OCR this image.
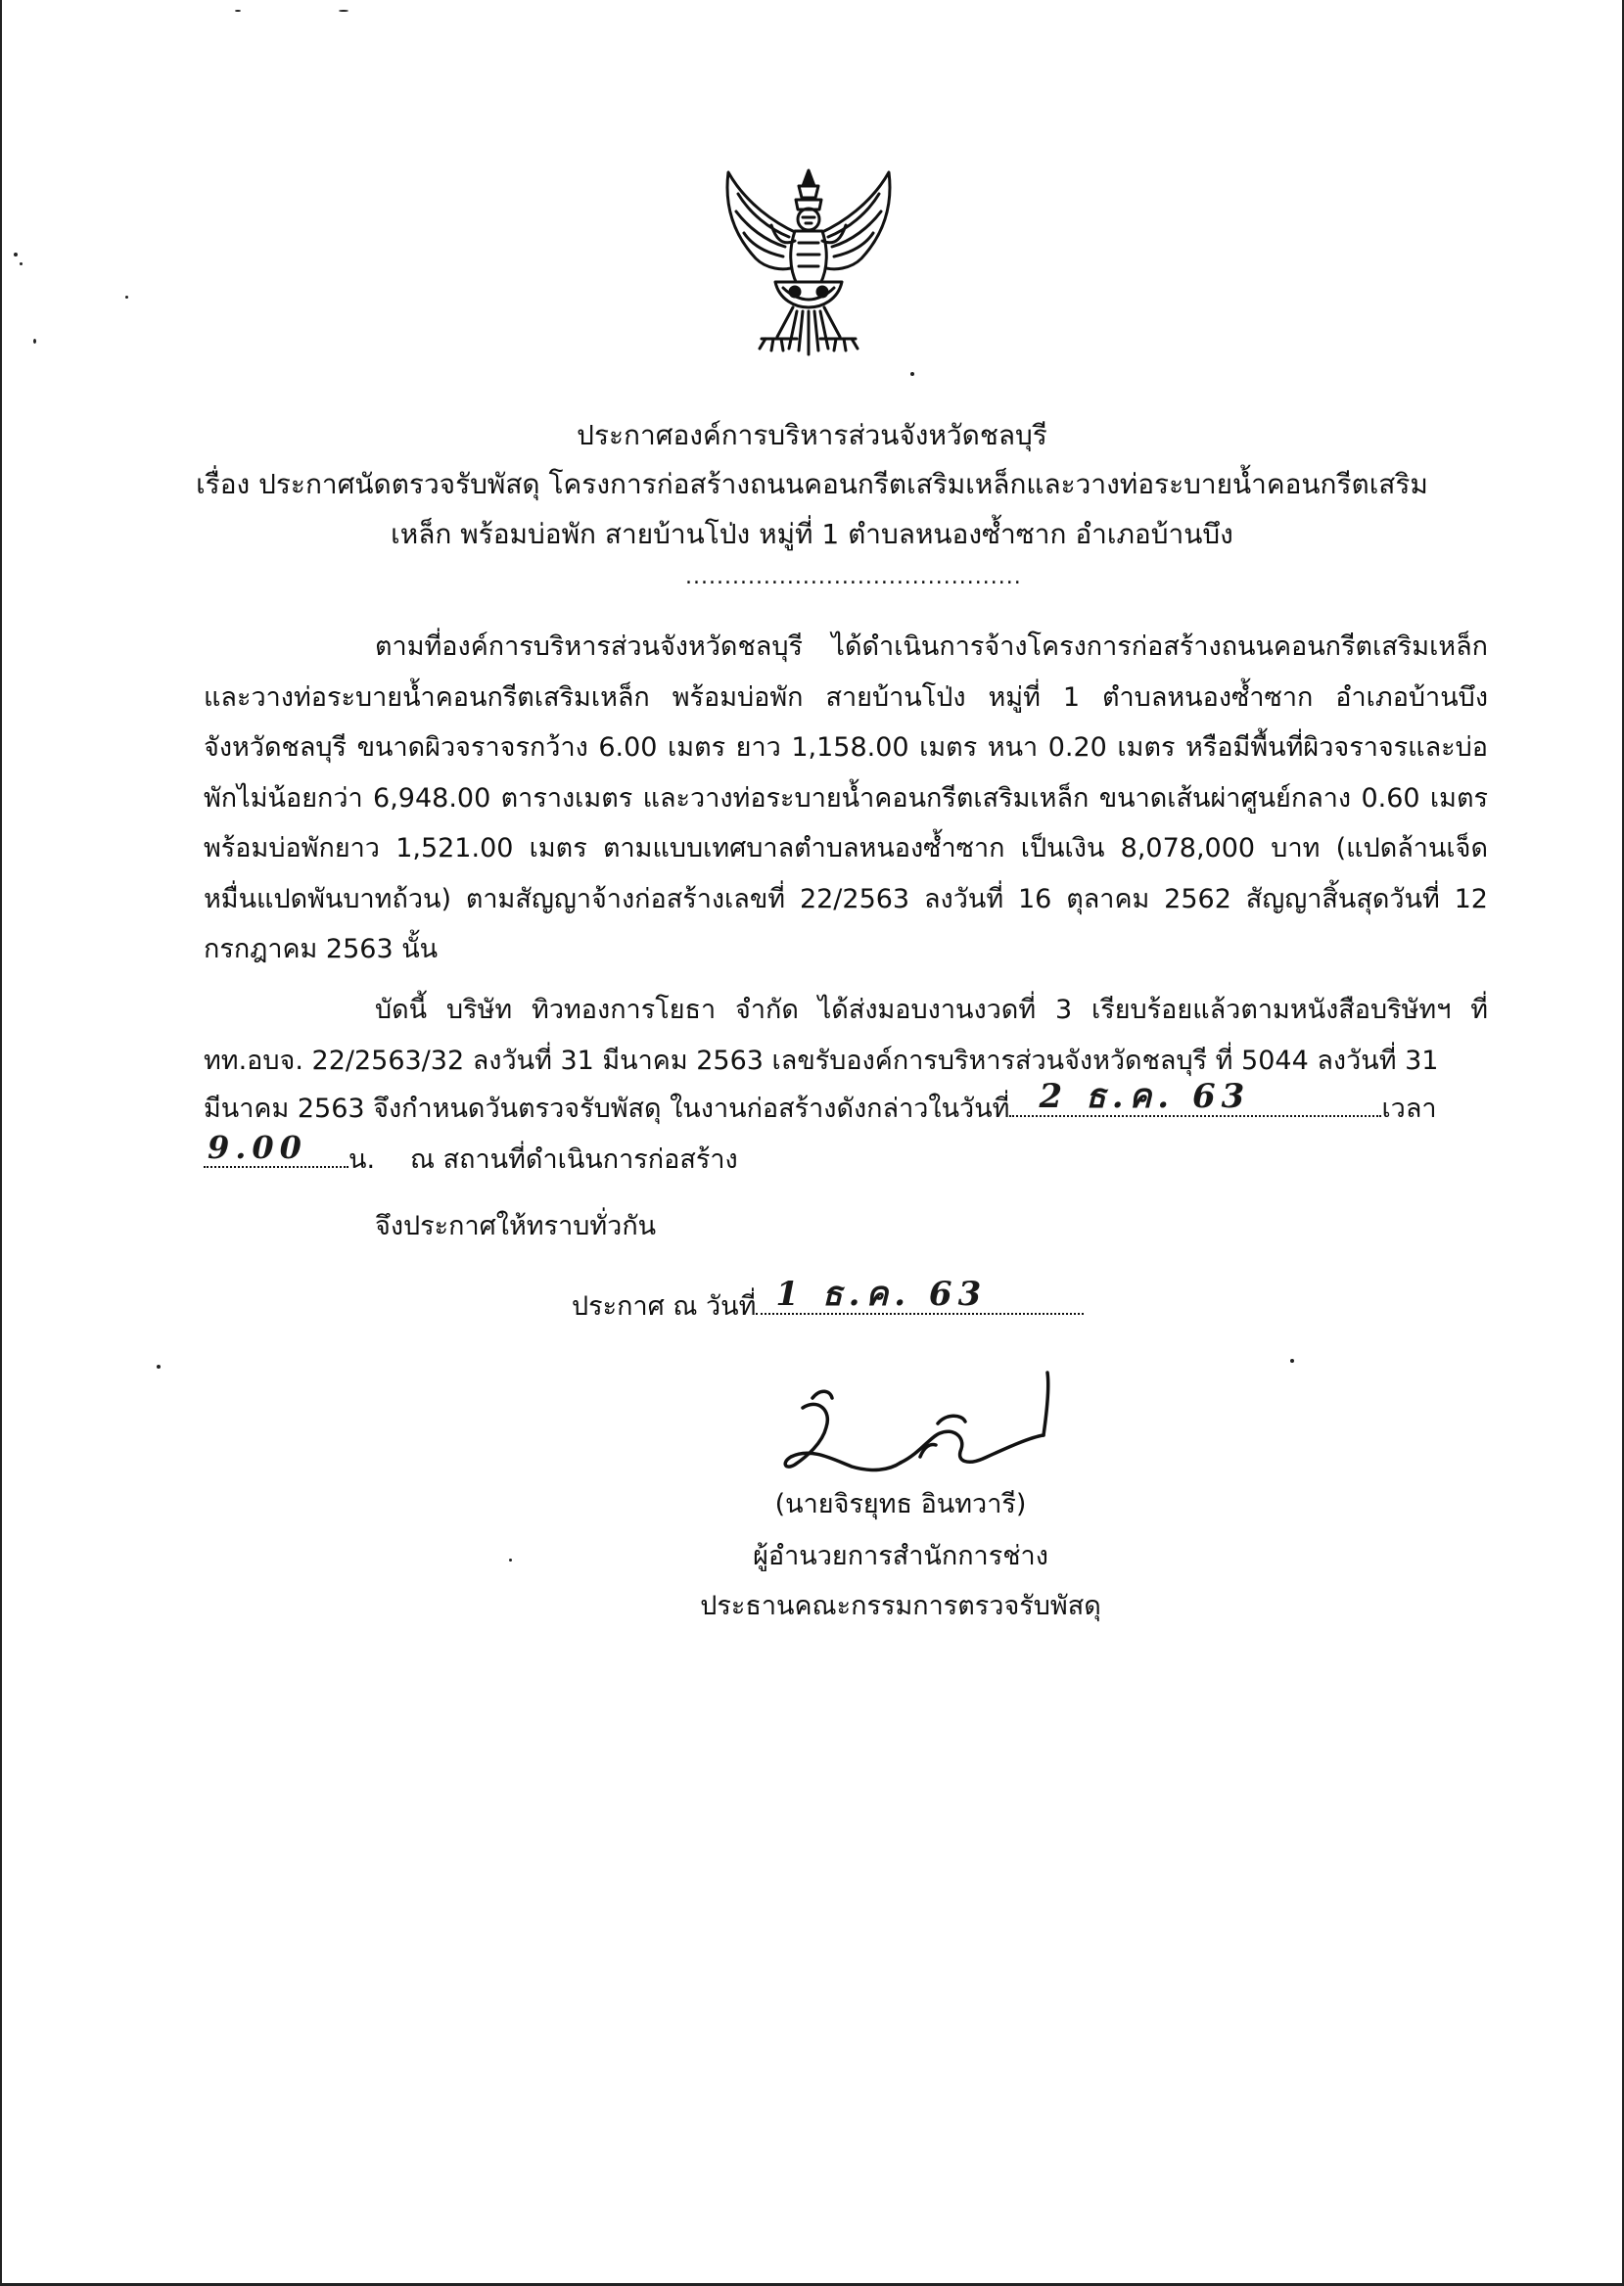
ประกาศองค์การบริหารส่วนจังหวัดชลบุรี
เรื่อง ประกาศนัดตรวจรับพัสดุ โครงการก่อสร้างถนนคอนกรีตเสริมเหล็กและวางท่อระบายน้ำคอนกรีตเสริม
เหล็ก พร้อมบ่อพัก สายบ้านโป่ง หมู่ที่ 1 ตำบลหนองซ้ำซาก อำเภอบ้านบึง
...........................................
ตามที่องค์การบริหารส่วนจังหวัดชลบุรี ได้ดำเนินการจ้างโครงการก่อสร้างถนนคอนกรีตเสริมเหล็ก และวางท่อระบายน้ำคอนกรีตเสริมเหล็ก พร้อมบ่อพัก สายบ้านโป่ง หมู่ที่ 1 ตำบลหนองซ้ำซาก อำเภอบ้านบึง จังหวัดชลบุรี ขนาดผิวจราจรกว้าง 6.00 เมตร ยาว 1,158.00 เมตร หนา 0.20 เมตร หรือมีพื้นที่ผิวจราจรและบ่อพักไม่น้อยกว่า 6,948.00 ตารางเมตร และวางท่อระบายน้ำคอนกรีตเสริมเหล็ก ขนาดเส้นผ่าศูนย์กลาง 0.60 เมตร พร้อมบ่อพักยาว 1,521.00 เมตร ตามแบบเทศบาลตำบลหนองซ้ำซาก เป็นเงิน 8,078,000 บาท (แปดล้านเจ็ดหมื่นแปดพันบาทถ้วน) ตามสัญญาจ้างก่อสร้างเลขที่ 22/2563 ลงวันที่ 16 ตุลาคม 2562 สัญญาสิ้นสุดวันที่ 12 กรกฎาคม 2563 นั้น
บัดนี้ บริษัท ทิวทองการโยธา จำกัด ได้ส่งมอบงานงวดที่ 3 เรียบร้อยแล้วตามหนังสือบริษัทฯ ที่ ทท.อบจ. 22/2563/32 ลงวันที่ 31 มีนาคม 2563 เลขรับองค์การบริหารส่วนจังหวัดชลบุรี ที่ 5044 ลงวันที่ 31
มีนาคม 2563 จึงกำหนดวันตรวจรับพัสดุ ในงานก่อสร้างดังกล่าวในวันที่ 2 ธ.ค. 63	เวลา
9.00 น. ณ สถานที่ดำเนินการก่อสร้าง
จึงประกาศให้ทราบทั่วกัน
ประกาศ ณ วันที่ 1 ธ.ค. 63
(นายจิรยุทธ อินทวารี)
ผู้อำนวยการสำนักการช่าง
ประธานคณะกรรมการตรวจรับพัสดุ
